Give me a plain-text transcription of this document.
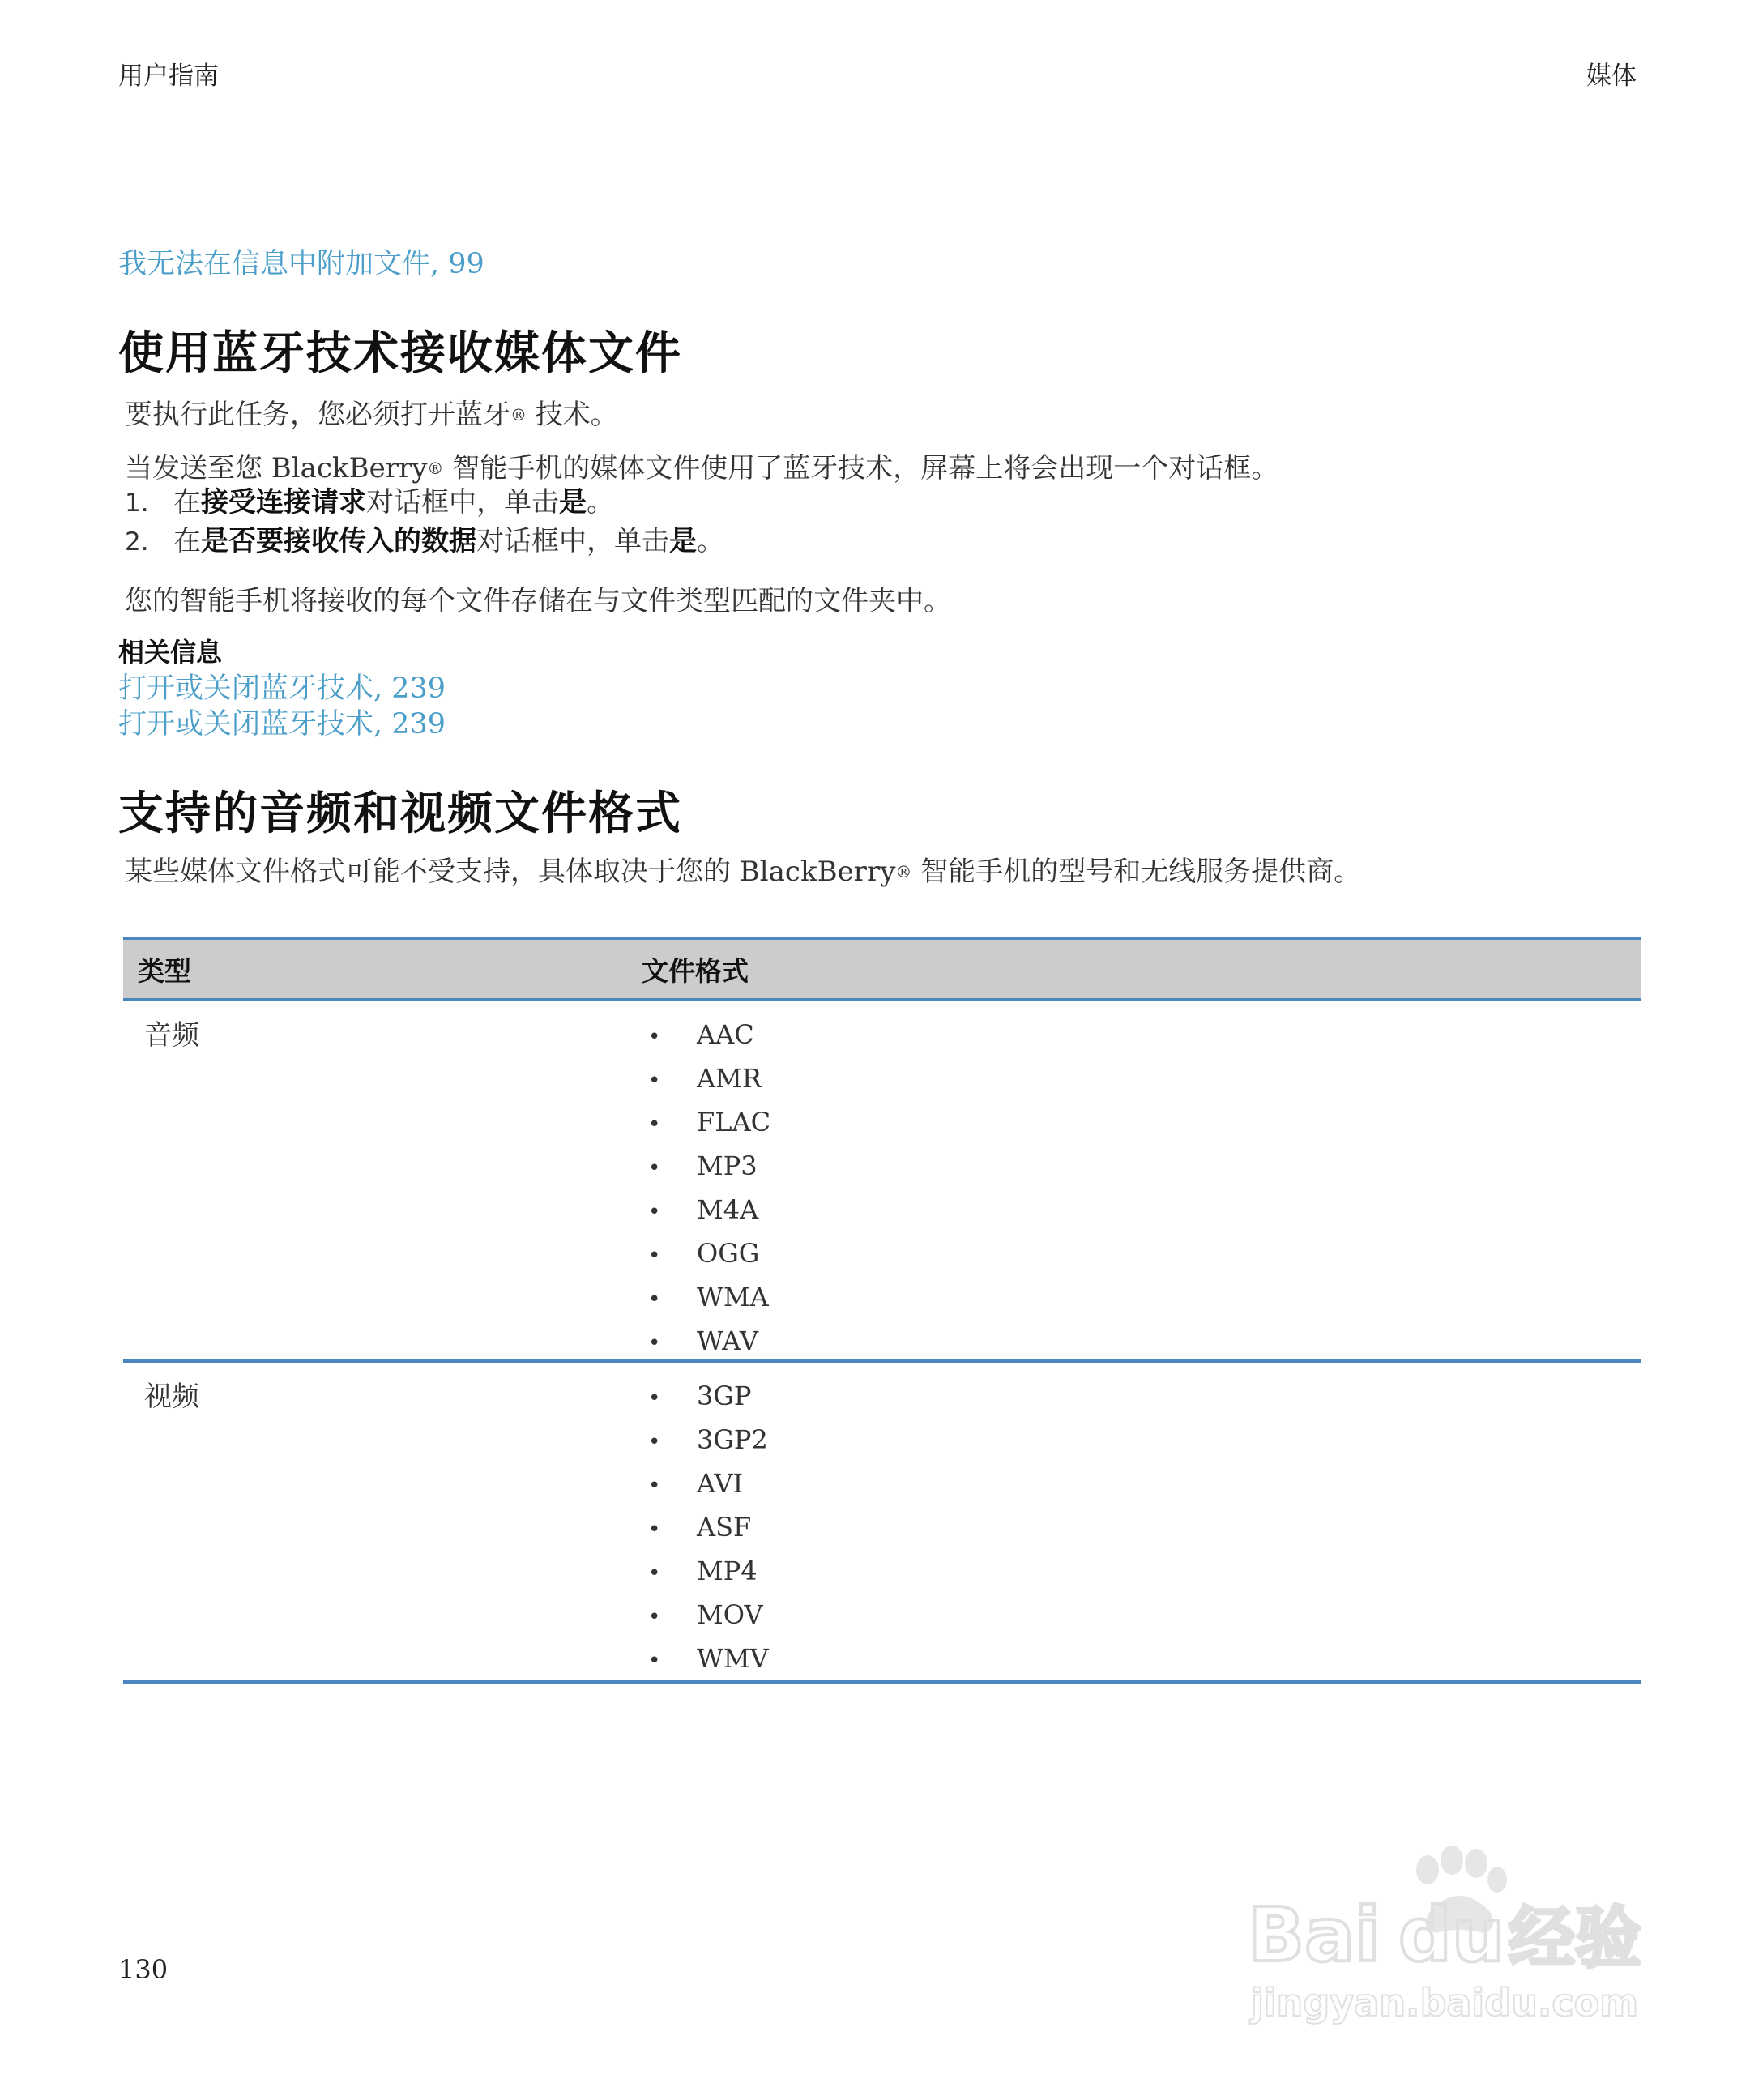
用户指南	媒体
我无法在信息中附加文件, 99
使用蓝牙技术接收媒体文件
要执行此任务，您必须打开蓝牙® 技术。
当发送至您 BlackBerry® 智能手机的媒体文件使用了蓝牙技术，屏幕上将会出现一个对话框。
1. 在接受连接请求对话框中，单击是。
2. 在是否要接收传入的数据对话框中，单击是。
您的智能手机将接收的每个文件存储在与文件类型匹配的文件夹中。
相关信息
打开或关闭蓝牙技术, 239
打开或关闭蓝牙技术, 239
支持的音频和视频文件格式
某些媒体文件格式可能不受支持，具体取决于您的 BlackBerry® 智能手机的型号和无线服务提供商。
类型	文件格式
音频	• AAC
• AMR
• FLAC
• MP3
• M4A
• OGG
• WMA
• WAV
视频	• 3GP
• 3GP2
• AVI
• ASF
• MP4
• MOV
• WMV
130	Bai du 经验
jingyan.baidu.com
